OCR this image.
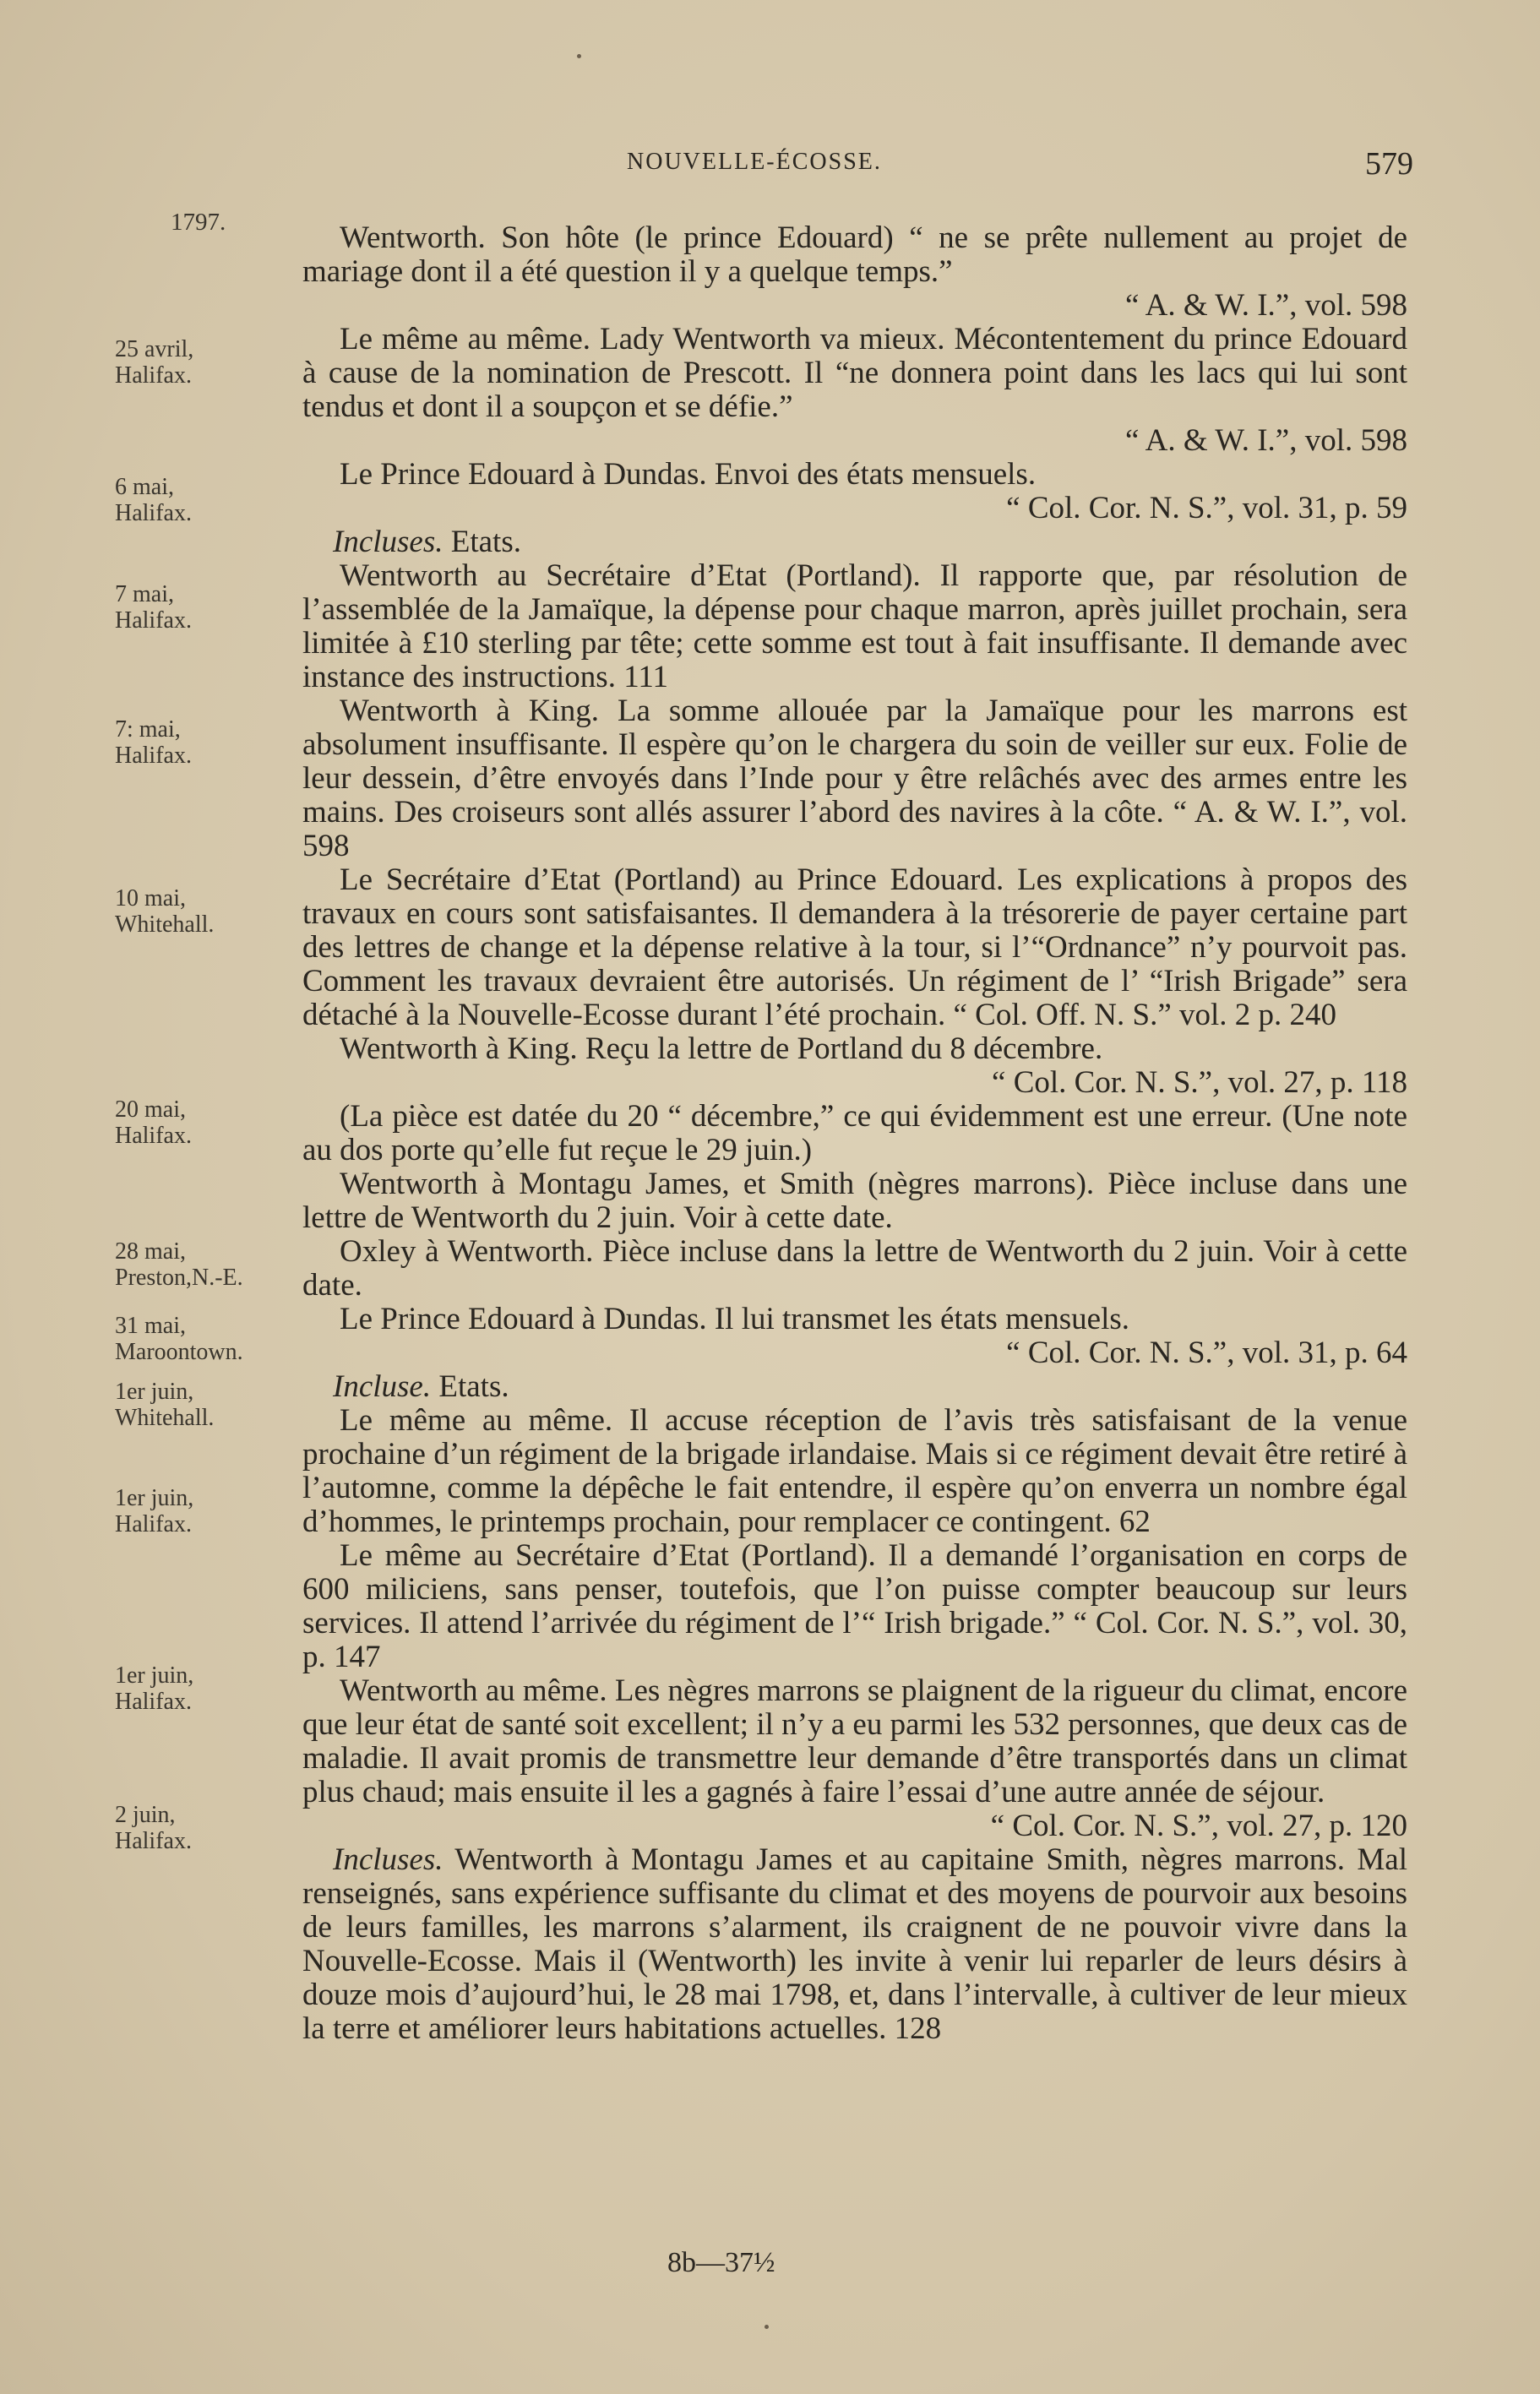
NOUVELLE-ÉCOSSE.	579
1797.
25 avril,
Halifax.
6 mai,
Halifax.
7 mai,
Halifax.
7: mai,
Halifax.
10 mai,
Whitehall.
20 mai,
Halifax.
28 mai,
Preston,N.-E.
31 mai,
Maroontown.
1er juin,
Whitehall.
1er juin,
Halifax.
1er juin,
Halifax.
2 juin,
Halifax.

Wentworth. Son hôte (le prince Edouard) “ ne se prête nullement au projet de mariage dont il a été question il y a quelque temps.”
“ A. & W. I.”, vol. 598

Le même au même. Lady Wentworth va mieux. Mécontentement du prince Edouard à cause de la nomination de Prescott. Il “ne donnera point dans les lacs qui lui sont tendus et dont il a soupçon et se défie.”
“ A. & W. I.”, vol. 598

Le Prince Edouard à Dundas. Envoi des états mensuels.
“ Col. Cor. N. S.”, vol. 31, p. 59

Incluses. Etats.

Wentworth au Secrétaire d’Etat (Portland). Il rapporte que, par résolution de l’assemblée de la Jamaïque, la dépense pour chaque marron, après juillet prochain, sera limitée à £10 sterling par tête; cette somme est tout à fait insuffisante. Il demande avec instance des instructions. 111

Wentworth à King. La somme allouée par la Jamaïque pour les marrons est absolument insuffisante. Il espère qu’on le chargera du soin de veiller sur eux. Folie de leur dessein, d’être envoyés dans l’Inde pour y être relâchés avec des armes entre les mains. Des croiseurs sont allés assurer l’abord des navires à la côte. “ A. & W. I.”, vol. 598

Le Secrétaire d’Etat (Portland) au Prince Edouard. Les explications à propos des travaux en cours sont satisfaisantes. Il demandera à la trésorerie de payer certaine part des lettres de change et la dépense relative à la tour, si l’“Ordnance” n’y pourvoit pas. Comment les travaux devraient être autorisés. Un régiment de l’ “Irish Brigade” sera détaché à la Nouvelle-Ecosse durant l’été prochain. “ Col. Off. N. S.” vol. 2 p. 240

Wentworth à King. Reçu la lettre de Portland du 8 décembre.
“ Col. Cor. N. S.”, vol. 27, p. 118

(La pièce est datée du 20 “ décembre,” ce qui évidemment est une erreur. (Une note au dos porte qu’elle fut reçue le 29 juin.)

Wentworth à Montagu James, et Smith (nègres marrons). Pièce incluse dans une lettre de Wentworth du 2 juin. Voir à cette date.

Oxley à Wentworth. Pièce incluse dans la lettre de Wentworth du 2 juin. Voir à cette date.

Le Prince Edouard à Dundas. Il lui transmet les états mensuels.
“ Col. Cor. N. S.”, vol. 31, p. 64

Incluse. Etats.

Le même au même. Il accuse réception de l’avis très satisfaisant de la venue prochaine d’un régiment de la brigade irlandaise. Mais si ce régiment devait être retiré à l’automne, comme la dépêche le fait entendre, il espère qu’on enverra un nombre égal d’hommes, le printemps prochain, pour remplacer ce contingent. 62

Le même au Secrétaire d’Etat (Portland). Il a demandé l’organisation en corps de 600 miliciens, sans penser, toutefois, que l’on puisse compter beaucoup sur leurs services. Il attend l’arrivée du régiment de l’“ Irish brigade.” “ Col. Cor. N. S.”, vol. 30, p. 147

Wentworth au même. Les nègres marrons se plaignent de la rigueur du climat, encore que leur état de santé soit excellent; il n’y a eu parmi les 532 personnes, que deux cas de maladie. Il avait promis de transmettre leur demande d’être transportés dans un climat plus chaud; mais ensuite il les a gagnés à faire l’essai d’une autre année de séjour.
“ Col. Cor. N. S.”, vol. 27, p. 120

Incluses. Wentworth à Montagu James et au capitaine Smith, nègres marrons. Mal renseignés, sans expérience suffisante du climat et des moyens de pourvoir aux besoins de leurs familles, les marrons s’alarment, ils craignent de ne pouvoir vivre dans la Nouvelle-Ecosse. Mais il (Wentworth) les invite à venir lui reparler de leurs désirs à douze mois d’aujourd’hui, le 28 mai 1798, et, dans l’intervalle, à cultiver de leur mieux la terre et améliorer leurs habitations actuelles. 128

8b—37½
